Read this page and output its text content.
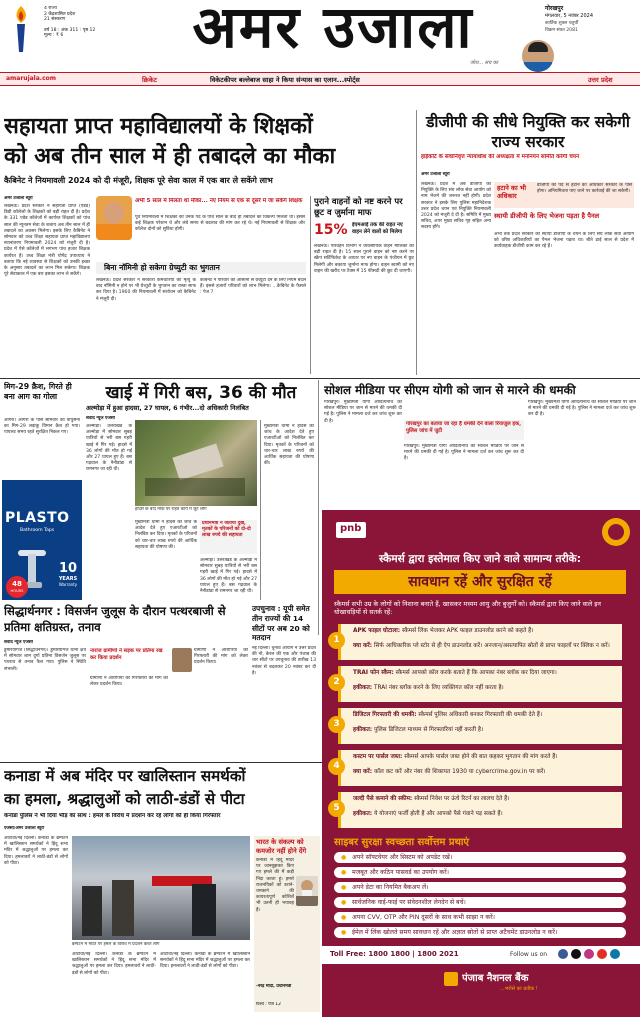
4 राज्य
2 केंद्रशासित प्रदेश
21 संस्करण
वर्ष 18 : अंक 311 : पृष्ठ 12
मूल्य : ₹ 6	अमर उजाला
जोश... सच का
गोरखपुर
मंगलवार, 5 नवंबर 2024
कार्तिक शुक्ल चतुर्थी
विक्रम संवत 2081
amarujala.com	क्रिकेट	विकेटकीपर बल्लेबाज साहा ने किया संन्यास का एलान...स्पोर्ट्स	उत्तर प्रदेश
सहायता प्राप्त महाविद्यालयों के शिक्षकों
को अब तीन साल में ही तबादले का मौका
कैबिनेट ने नियमावली 2024 को दी मंजूरी, शिक्षक पूरे सेवा काल में एक बार ले सकेंगे लाभ
अमर उजाला ब्यूरो
लखनऊ। प्रदेश सरकार ने सहायता प्राप्त (एडेड) डिग्री कॉलेजों के शिक्षकों को बड़ी राहत दी है। प्रदेश के 331 एडेड कॉलेजों में कार्यरत शिक्षकों को पांच साल की न्यूनतम सेवा के बजाय अब तीन साल में ही तबादले का अवसर मिलेगा। इसके लिए कैबिनेट ने सोमवार को उच्च शिक्षा सहायता प्राप्त महाविद्यालय स्थानांतरण नियमावली 2024 को मंजूरी दी है। प्रदेश में ऐसे कॉलेजों में लगभग पांच हजार शिक्षक कार्यरत हैं। उच्च शिक्षा मंत्री योगेंद्र उपाध्याय ने बताया कि नई व्यवस्था से शिक्षकों को उनकी इच्छा के अनुसार तबादले का लाभ मिल सकेगा। शिक्षक पूरे सेवाकाल में एक बार इसका लाभ ले सकेंगे।
अभी 5 साल में मिलता था मौका... नए नियम से एक से दूसरे में जा सकेंगे शिक्षक
पूर्व नियमावली में शिक्षकों को उनके पद के पांच साल के बाद ही तबादले का विकल्प मिलता था। इससे कई शिक्षक परेशान थे और लंबे समय से बदलाव की मांग कर रहे थे। नई नियमावली से शिक्षक और कॉलेज दोनों को सुविधा होगी।
बिना नॉमिनी हो सकेगा ग्रेच्युटी का भुगतान
लखनऊ। प्रदेश सरकार ने सरकारी कर्मचारियों की मृत्यु के बाद नॉमिनी न होने पर भी ग्रेच्युटी के भुगतान का रास्ता साफ कर दिया है। 1960 की नियमावली में संशोधन को कैबिनेट ने मंजूरी दी।
कैबिनेट ने परिवार को आसानी से ग्रेच्युटी देने के लिए नियम बदले हैं। इससे हजारों परिवारों को लाभ मिलेगा। ...कैबिनेट के फैसले : पेज 7
पुराने वाहनों को नष्ट करने पर छूट व जुर्माना माफ
15% ईएमआई तक की राहत नए वाहन लेने वालों को मिलेगा
लखनऊ। परिवहन विभाग ने व्यवसायिक वाहन मालिकों को बड़ी राहत दी है। 15 साल पुराने वाहन को नष्ट करने पर स्क्रैप सर्टिफिकेट के आधार पर नए वाहन के पंजीयन में छूट मिलेगी और बकाया जुर्माना माफ होगा। वाहन स्वामी को नए वाहन की खरीद पर टैक्स में 15 फीसदी की छूट दी जाएगी।
डीजीपी की सीधे नियुक्ति कर सकेगी राज्य सरकार
हाईकोर्ट के सेवानिवृत्त न्यायाधीश की अध्यक्षता में मनोनयन समिति करेगी चयन
अमर उजाला ब्यूरो
हटाने का भी अधिकार
डीजीपी को पद से हटाने का अधिकार सरकार के पास होगा। अनियमितता पाए जाने पर कार्रवाई की जा सकेगी।
लखनऊ। प्रदेश में अब डीजीपी की नियुक्ति के लिए संघ लोक सेवा आयोग को नाम भेजने की जरूरत नहीं होगी। प्रदेश सरकार ने इसके लिए पुलिस महानिदेशक उत्तर प्रदेश चयन एवं नियुक्ति नियमावली 2024 को मंजूरी दे दी है। समिति में मुख्य सचिव, अपर मुख्य सचिव गृह सहित अन्य सदस्य होंगे।
स्थायी डीजीपी के लिए भेजना पड़ता है पैनल
अभी तक प्रदेश सरकार को स्थायी डीजीपी के चयन के लिए संघ लोक सेवा आयोग को वरिष्ठ अधिकारियों का पैनल भेजना पड़ता था। बीते ढाई साल से प्रदेश में कार्यवाहक डीजीपी काम कर रहे हैं।
मिग-29 क्रैश, गिरते ही बना आग का गोला
आगरा। आगरा के पास सोमवार को वायुसेना का मिग-29 लड़ाकू विमान क्रैश हो गया। पायलट समय रहते सुरक्षित निकल गए।
PLASTO
Bathroom Taps
10
YEARS
Warranty
48
HOURS
खाई में गिरी बस, 36 की मौत
अल्मोड़ा में हुआ हादसा, 27 घायल, 6 गंभीर...दो अधिकारी निलंबित
संवाद न्यूज एजेंसी
अल्मोड़ा। उत्तराखंड के अल्मोड़ा में सोमवार सुबह यात्रियों से भरी बस गहरी खाई में गिर गई। हादसे में 36 लोगों की मौत हो गई और 27 घायल हुए हैं। बस गढ़वाल के नैनीडांडा से रामनगर जा रही थी।
हादसे के बाद मौके पर राहत कार्य में जुटे लोग
मुख्यमंत्री धामी ने हादसे की जांच के आदेश देते हुए एआरटीओ को निलंबित कर दिया। मृतकों के परिजनों को चार-चार लाख रुपये की आर्थिक सहायता की घोषणा की।
प्रधानमंत्री ने जताया दुख, मृतकों के परिजनों को दो-दो लाख रुपये की सहायता
अल्मोड़ा। उत्तराखंड के अल्मोड़ा में सोमवार सुबह यात्रियों से भरी बस गहरी खाई में गिर गई। हादसे में 36 लोगों की मौत हो गई और 27 घायल हुए हैं। बस गढ़वाल के नैनीडांडा से रामनगर जा रही थी।
मुख्यमंत्री धामी ने हादसे की जांच के आदेश देते हुए एआरटीओ को निलंबित कर दिया। मृतकों के परिजनों को चार-चार लाख रुपये की आर्थिक सहायता की घोषणा की।
सिद्धार्थनगर : विसर्जन जुलूस के दौरान पत्थरबाजी से प्रतिमा क्षतिग्रस्त, तनाव
संवाद न्यूज एजेंसी
डुमरियागंज (सिद्धार्थनगर)। डुमरियागंज थाना क्षेत्र में सोमवार शाम दुर्गा प्रतिमा विसर्जन जुलूस पर पथराव से तनाव फैल गया। पुलिस ने स्थिति संभाली।
नाराज ग्रामीणों ने सड़क पर प्रतिमा रख कर किया प्रदर्शन
ग्रामीणों ने आरोपियों की गिरफ्तारी की मांग को लेकर प्रदर्शन किया।
ग्रामीणों ने आरोपियों की गिरफ्तारी की मांग को लेकर प्रदर्शन किया।
उपचुनाव : यूपी समेत तीन राज्यों की 14 सीटों पर अब 20 को मतदान
नई दिल्ली। चुनाव आयोग ने उत्तर प्रदेश की नौ, केरल की एक और पंजाब की चार सीटों पर उपचुनाव की तारीख 13 नवंबर से बदलकर 20 नवंबर कर दी है।
सोशल मीडिया पर सीएम योगी को जान से मारने की धमकी
गोरखपुर। मुख्यमंत्री योगी आदित्यनाथ को सोशल मीडिया पर जान से मारने की धमकी दी गई है। पुलिस ने मामला दर्ज कर जांच शुरू कर दी है।	गोरखपुर का बताया जा रहा है धमकी देने वाला रियाजुल हक, पुलिस जांच में जुटी
गोरखपुर। मुख्यमंत्री योगी आदित्यनाथ को सोशल मीडिया पर जान से मारने की धमकी दी गई है। पुलिस ने मामला दर्ज कर जांच शुरू कर दी है।
गोरखपुर। मुख्यमंत्री योगी आदित्यनाथ को सोशल मीडिया पर जान से मारने की धमकी दी गई है। पुलिस ने मामला दर्ज कर जांच शुरू कर दी है।
pnb
स्कैमर्स द्वारा इस्तेमाल किए जाने वाले सामान्य तरीके:
सावधान रहें और सुरक्षित रहें
स्कैमर्स सभी उम्र के लोगों को निशाना बनाते हैं, खासकर मध्यम आयु और बुजुर्गों को। स्कैमर्स द्वारा किए जाने वाले इन धोखाधड़ियों से सतर्क रहें:
1
APK फाइल घोटाला: स्कैमर्स लिंक भेजकर APK फाइल डाउनलोड करने को कहते हैं।
क्या करें: सिर्फ आधिकारिक प्ले स्टोर से ही ऐप डाउनलोड करें। अनजान/असत्यापित स्रोतों से प्राप्त फाइलों पर क्लिक न करें।
2
TRAI फोन स्कैम: स्कैमर्स आपको कॉल करके बताते हैं कि आपका नंबर ब्लॉक कर दिया जाएगा।
हकीकत: TRAI नंबर ब्लॉक करने के लिए व्यक्तिगत कॉल नहीं करता है।
3
डिजिटल गिरफ्तारी की धमकी: स्कैमर्स पुलिस अधिकारी बनकर गिरफ्तारी की धमकी देते हैं।
हकीकत: पुलिस डिजिटल माध्यम से गिरफ्तारियां नहीं करती है।
4
कस्टम पर पार्सल जब्त: स्कैमर्स आपके पार्सल जब्त होने की बात कहकर भुगतान की मांग करते हैं।
क्या करें: कॉल कट करें और नंबर की शिकायत 1930 या cybercrime.gov.in पर करें।
5
जल्दी पैसे कमाने की स्कीम: स्कैमर्स निवेश पर ऊंचे रिटर्न का लालच देते हैं।
हकीकत: ये योजनाएं फर्जी होती हैं और आपको पैसे गंवाने पड़ सकते हैं।
साइबर सुरक्षा स्वच्छता सर्वोत्तम प्रथाएं
● अपने सॉफ्टवेयर और सिस्टम को अपडेट रखें।
● मजबूत और कठिन पासवर्ड का उपयोग करें।
● अपने डेटा का नियमित बैकअप लें।
● सार्वजनिक वाई-फाई पर संवेदनशील लेनदेन से बचें।
● अपना CVV, OTP और PIN दूसरों के साथ कभी साझा न करें।
● ईमेल में लिंक खोलते समय सावधान रहें और अज्ञात स्रोतों से प्राप्त अटैचमेंट डाउनलोड न करें।
Toll Free: 1800 1800 | 1800 2021	Follow us on
पंजाब नैशनल बैंक
...भरोसे का प्रतीक !
कनाडा में अब मंदिर पर खालिस्तान समर्थकों
का हमला, श्रद्धालुओं को लाठी-डंडों से पीटा
कनाडा पुलिस ने भी दिया भीड़ का साथ : हमले के विरोध में प्रदर्शन कर रहे लोगों को ही किया गिरफ्तार
एजेंसी/अमर उजाला ब्यूरो
ओटावा/नई दिल्ली। कनाडा के ब्रैम्पटन में खालिस्तान समर्थकों ने हिंदू सभा मंदिर में श्रद्धालुओं पर हमला कर दिया। हमलावरों ने लाठी-डंडों से लोगों को पीटा।
ब्रैम्पटन में मंदिर पर हमले के विरोध में प्रदर्शन करते लोग
ओटावा/नई दिल्ली। कनाडा के ब्रैम्पटन में खालिस्तान समर्थकों ने हिंदू सभा मंदिर में श्रद्धालुओं पर हमला कर दिया। हमलावरों ने लाठी-डंडों से लोगों को पीटा।
ओटावा/नई दिल्ली। कनाडा के ब्रैम्पटन में खालिस्तान समर्थकों ने हिंदू सभा मंदिर में श्रद्धालुओं पर हमला कर दिया। हमलावरों ने लाठी-डंडों से लोगों को पीटा।
भारत के संकल्प को कमजोर नहीं होने देंगे
कनाडा में हिंदू मंदिर पर जानबूझकर किए गए हमले की मैं कड़ी निंदा करता हूं। हमारे राजनयिकों को डराने-धमकाने की कायरतापूर्ण कोशिशें भी उतनी ही भयावह हैं।
-नरेंद्र मोदी, प्रधानमंत्री
विश्व : पेज 12
